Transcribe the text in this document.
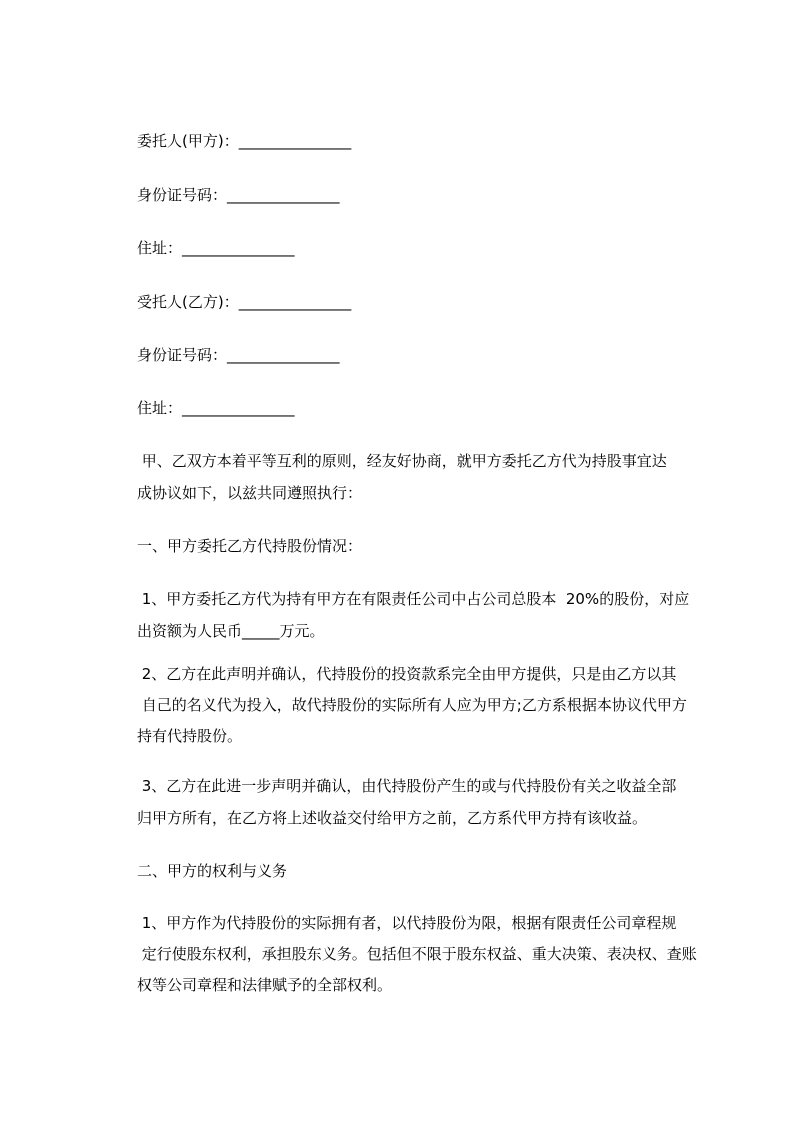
委托人(甲方)：_______________
身份证号码：_______________
住址：_______________
受托人(乙方)：_______________
身份证号码：_______________
住址：_______________
甲、乙双方本着平等互利的原则，经友好协商，就甲方委托乙方代为持股事宜达
成协议如下，以兹共同遵照执行：
一、甲方委托乙方代持股份情况：
1、甲方委托乙方代为持有甲方在有限责任公司中占公司总股本  20%的股份，对应
出资额为人民币_____万元。
2、乙方在此声明并确认，代持股份的投资款系完全由甲方提供，只是由乙方以其
自己的名义代为投入，故代持股份的实际所有人应为甲方;乙方系根据本协议代甲方
持有代持股份。
3、乙方在此进一步声明并确认，由代持股份产生的或与代持股份有关之收益全部
归甲方所有，在乙方将上述收益交付给甲方之前，乙方系代甲方持有该收益。
二、甲方的权利与义务
1、甲方作为代持股份的实际拥有者，以代持股份为限，根据有限责任公司章程规
定行使股东权利，承担股东义务。包括但不限于股东权益、重大决策、表决权、查账
权等公司章程和法律赋予的全部权利。
